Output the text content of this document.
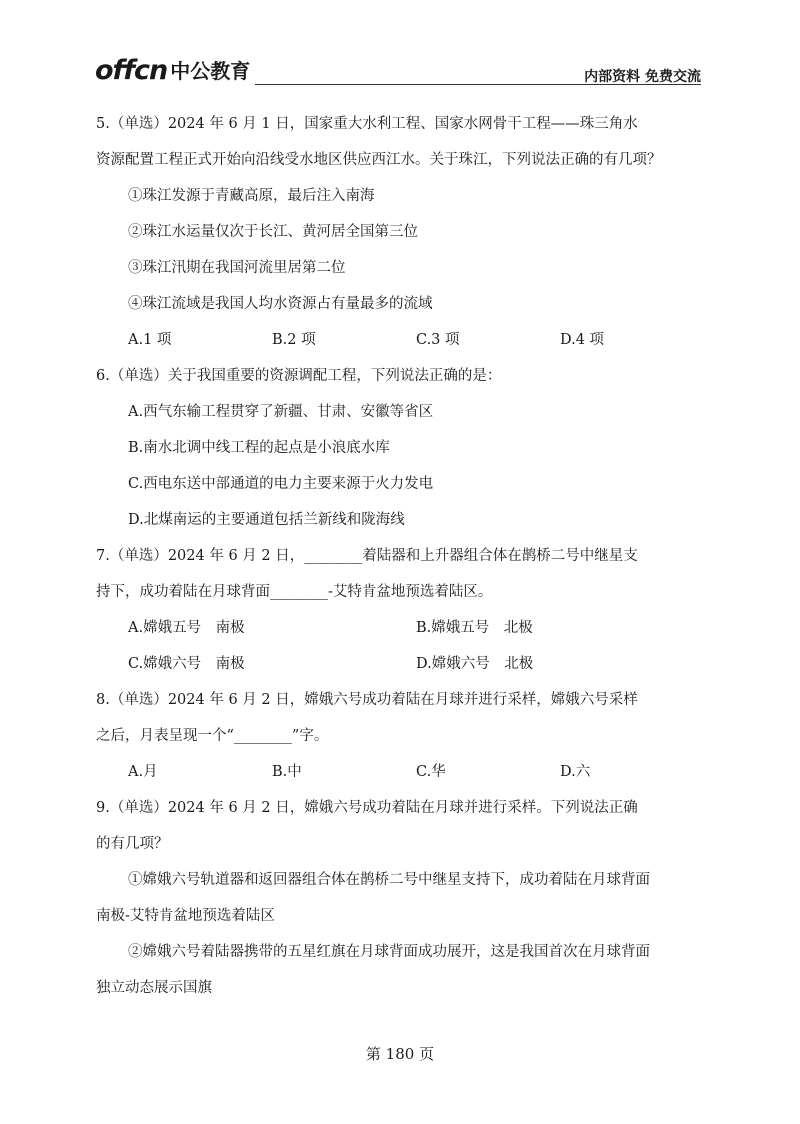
offcn 中公教育	内部资料 免费交流

5.（单选）2024 年 6 月 1 日，国家重大水利工程、国家水网骨干工程——珠三角水

资源配置工程正式开始向沿线受水地区供应西江水。关于珠江，下列说法正确的有几项？

①珠江发源于青藏高原，最后注入南海

②珠江水运量仅次于长江、黄河居全国第三位

③珠江汛期在我国河流里居第二位

④珠江流域是我国人均水资源占有量最多的流域

A.1 项	B.2 项	C.3 项	D.4 项

6.（单选）关于我国重要的资源调配工程，下列说法正确的是：

A.西气东输工程贯穿了新疆、甘肃、安徽等省区

B.南水北调中线工程的起点是小浪底水库

C.西电东送中部通道的电力主要来源于火力发电

D.北煤南运的主要通道包括兰新线和陇海线

7.（单选）2024 年 6 月 2 日，________着陆器和上升器组合体在鹊桥二号中继星支

持下，成功着陆在月球背面________-艾特肯盆地预选着陆区。

A.嫦娥五号　南极	B.嫦娥五号　北极
C.嫦娥六号　南极	D.嫦娥六号　北极

8.（单选）2024 年 6 月 2 日，嫦娥六号成功着陆在月球并进行采样，嫦娥六号采样

之后，月表呈现一个“________”字。

A.月	B.中	C.华	D.六

9.（单选）2024 年 6 月 2 日，嫦娥六号成功着陆在月球并进行采样。下列说法正确

的有几项？

①嫦娥六号轨道器和返回器组合体在鹊桥二号中继星支持下，成功着陆在月球背面

南极-艾特肯盆地预选着陆区

②嫦娥六号着陆器携带的五星红旗在月球背面成功展开，这是我国首次在月球背面

独立动态展示国旗

第 180 页
